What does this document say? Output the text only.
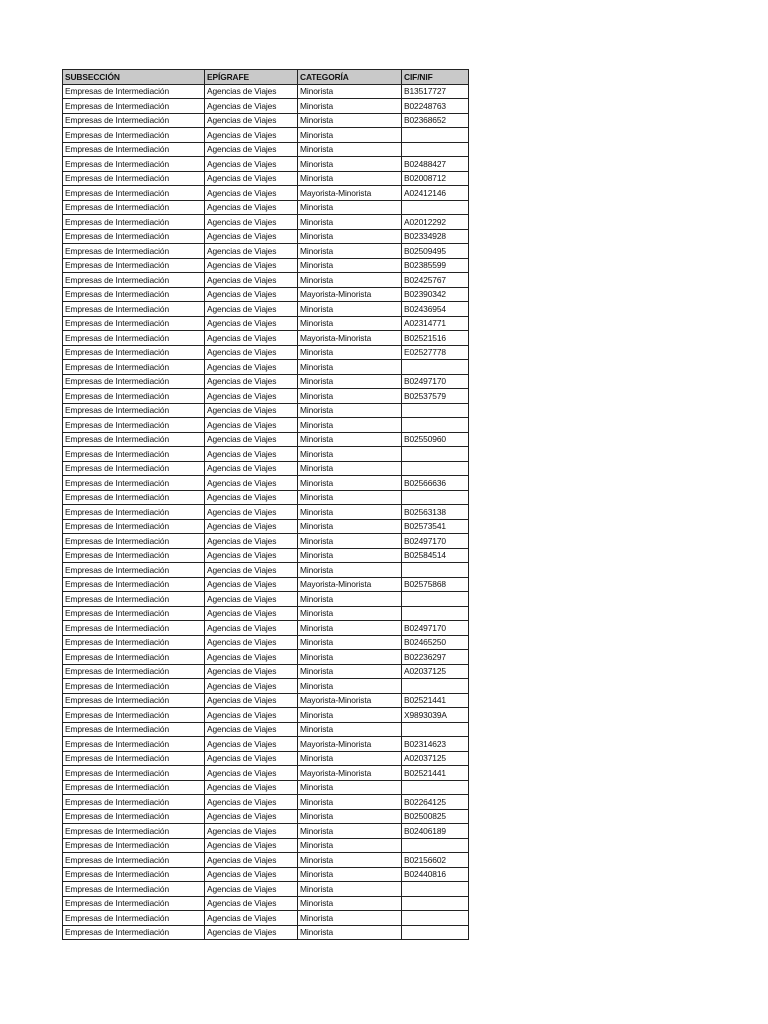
SUBSECCIÓN	EPÍGRAFE	CATEGORÍA	CIF/NIF
Empresas de Intermediación	Agencias de Viajes	Minorista	B13517727
Empresas de Intermediación	Agencias de Viajes	Minorista	B02248763
Empresas de Intermediación	Agencias de Viajes	Minorista	B02368652
Empresas de Intermediación	Agencias de Viajes	Minorista	
Empresas de Intermediación	Agencias de Viajes	Minorista	
Empresas de Intermediación	Agencias de Viajes	Minorista	B02488427
Empresas de Intermediación	Agencias de Viajes	Minorista	B02008712
Empresas de Intermediación	Agencias de Viajes	Mayorista-Minorista	A02412146
Empresas de Intermediación	Agencias de Viajes	Minorista	
Empresas de Intermediación	Agencias de Viajes	Minorista	A02012292
Empresas de Intermediación	Agencias de Viajes	Minorista	B02334928
Empresas de Intermediación	Agencias de Viajes	Minorista	B02509495
Empresas de Intermediación	Agencias de Viajes	Minorista	B02385599
Empresas de Intermediación	Agencias de Viajes	Minorista	B02425767
Empresas de Intermediación	Agencias de Viajes	Mayorista-Minorista	B02390342
Empresas de Intermediación	Agencias de Viajes	Minorista	B02436954
Empresas de Intermediación	Agencias de Viajes	Minorista	A02314771
Empresas de Intermediación	Agencias de Viajes	Mayorista-Minorista	B02521516
Empresas de Intermediación	Agencias de Viajes	Minorista	E02527778
Empresas de Intermediación	Agencias de Viajes	Minorista	
Empresas de Intermediación	Agencias de Viajes	Minorista	B02497170
Empresas de Intermediación	Agencias de Viajes	Minorista	B02537579
Empresas de Intermediación	Agencias de Viajes	Minorista	
Empresas de Intermediación	Agencias de Viajes	Minorista	
Empresas de Intermediación	Agencias de Viajes	Minorista	B02550960
Empresas de Intermediación	Agencias de Viajes	Minorista	
Empresas de Intermediación	Agencias de Viajes	Minorista	
Empresas de Intermediación	Agencias de Viajes	Minorista	B02566636
Empresas de Intermediación	Agencias de Viajes	Minorista	
Empresas de Intermediación	Agencias de Viajes	Minorista	B02563138
Empresas de Intermediación	Agencias de Viajes	Minorista	B02573541
Empresas de Intermediación	Agencias de Viajes	Minorista	B02497170
Empresas de Intermediación	Agencias de Viajes	Minorista	B02584514
Empresas de Intermediación	Agencias de Viajes	Minorista	
Empresas de Intermediación	Agencias de Viajes	Mayorista-Minorista	B02575868
Empresas de Intermediación	Agencias de Viajes	Minorista	
Empresas de Intermediación	Agencias de Viajes	Minorista	
Empresas de Intermediación	Agencias de Viajes	Minorista	B02497170
Empresas de Intermediación	Agencias de Viajes	Minorista	B02465250
Empresas de Intermediación	Agencias de Viajes	Minorista	B02236297
Empresas de Intermediación	Agencias de Viajes	Minorista	A02037125
Empresas de Intermediación	Agencias de Viajes	Minorista	
Empresas de Intermediación	Agencias de Viajes	Mayorista-Minorista	B02521441
Empresas de Intermediación	Agencias de Viajes	Minorista	X9893039A
Empresas de Intermediación	Agencias de Viajes	Minorista	
Empresas de Intermediación	Agencias de Viajes	Mayorista-Minorista	B02314623
Empresas de Intermediación	Agencias de Viajes	Minorista	A02037125
Empresas de Intermediación	Agencias de Viajes	Mayorista-Minorista	B02521441
Empresas de Intermediación	Agencias de Viajes	Minorista	
Empresas de Intermediación	Agencias de Viajes	Minorista	B02264125
Empresas de Intermediación	Agencias de Viajes	Minorista	B02500825
Empresas de Intermediación	Agencias de Viajes	Minorista	B02406189
Empresas de Intermediación	Agencias de Viajes	Minorista	
Empresas de Intermediación	Agencias de Viajes	Minorista	B02156602
Empresas de Intermediación	Agencias de Viajes	Minorista	B02440816
Empresas de Intermediación	Agencias de Viajes	Minorista	
Empresas de Intermediación	Agencias de Viajes	Minorista	
Empresas de Intermediación	Agencias de Viajes	Minorista	
Empresas de Intermediación	Agencias de Viajes	Minorista	
